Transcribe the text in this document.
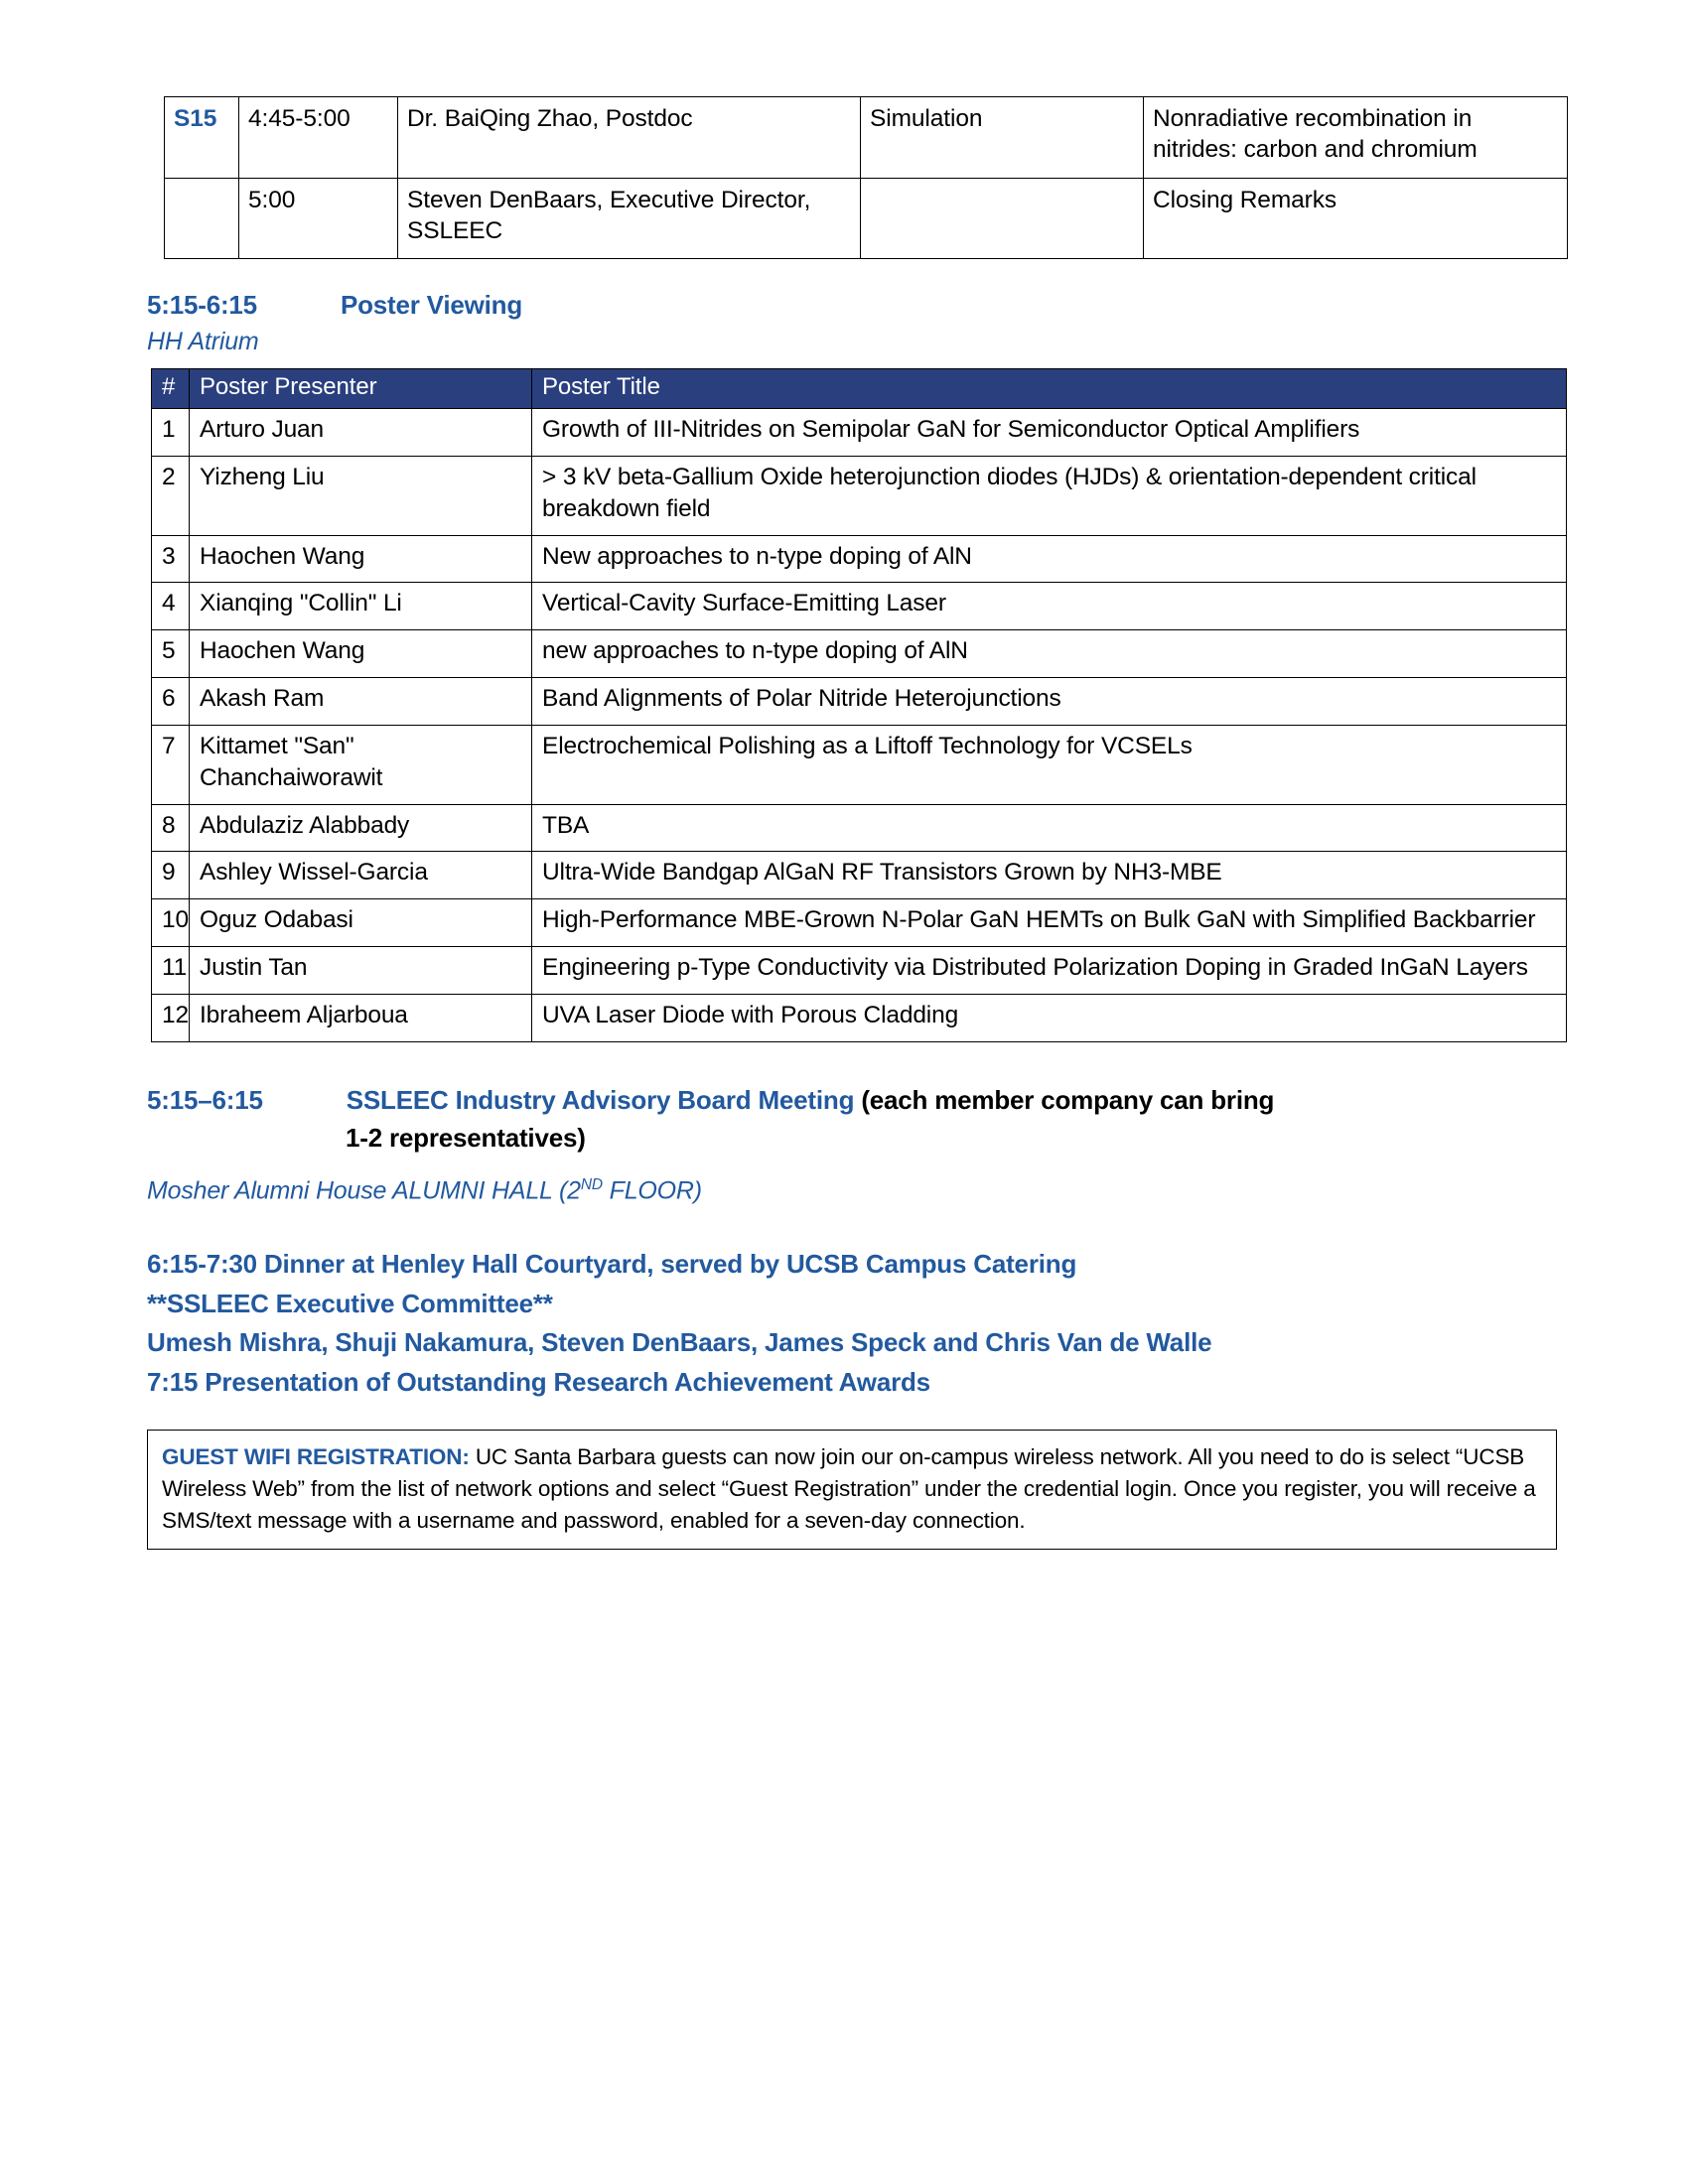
S15	4:45-5:00	Dr. BaiQing Zhao, Postdoc	Simulation	Nonradiative recombination in nitrides: carbon and chromium
	5:00	Steven DenBaars, Executive Director, SSLEEC		Closing Remarks
5:15-6:15	Poster Viewing
HH Atrium
#	Poster Presenter	Poster Title
1	Arturo Juan	Growth of III-Nitrides on Semipolar GaN for Semiconductor Optical Amplifiers
2	Yizheng Liu	> 3 kV beta-Gallium Oxide heterojunction diodes (HJDs) & orientation-dependent critical breakdown field
3	Haochen Wang	New approaches to n-type doping of AlN
4	Xianqing "Collin" Li	Vertical-Cavity Surface-Emitting Laser
5	Haochen Wang	new approaches to n-type doping of AlN
6	Akash Ram	Band Alignments of Polar Nitride Heterojunctions
7	Kittamet "San" Chanchaiworawit	Electrochemical Polishing as a Liftoff Technology for VCSELs
8	Abdulaziz Alabbady	TBA
9	Ashley Wissel-Garcia	Ultra-Wide Bandgap AlGaN RF Transistors Grown by NH3-MBE
10	Oguz Odabasi	High-Performance MBE-Grown N-Polar GaN HEMTs on Bulk GaN with Simplified Backbarrier
11	Justin Tan	Engineering p-Type Conductivity via Distributed Polarization Doping in Graded InGaN Layers
12	Ibraheem Aljarboua	UVA Laser Diode with Porous Cladding
5:15–6:15	SSLEEC Industry Advisory Board Meeting (each member company can bring
1-2 representatives)
Mosher Alumni House ALUMNI HALL (2ND FLOOR)
6:15-7:30 Dinner at Henley Hall Courtyard, served by UCSB Campus Catering
**SSLEEC Executive Committee**
Umesh Mishra, Shuji Nakamura, Steven DenBaars, James Speck and Chris Van de Walle
7:15 Presentation of Outstanding Research Achievement Awards
GUEST WIFI REGISTRATION: UC Santa Barbara guests can now join our on-campus wireless network. All you need to do is select “UCSB Wireless Web” from the list of network options and select “Guest Registration” under the credential login. Once you register, you will receive a SMS/text message with a username and password, enabled for a seven-day connection.
